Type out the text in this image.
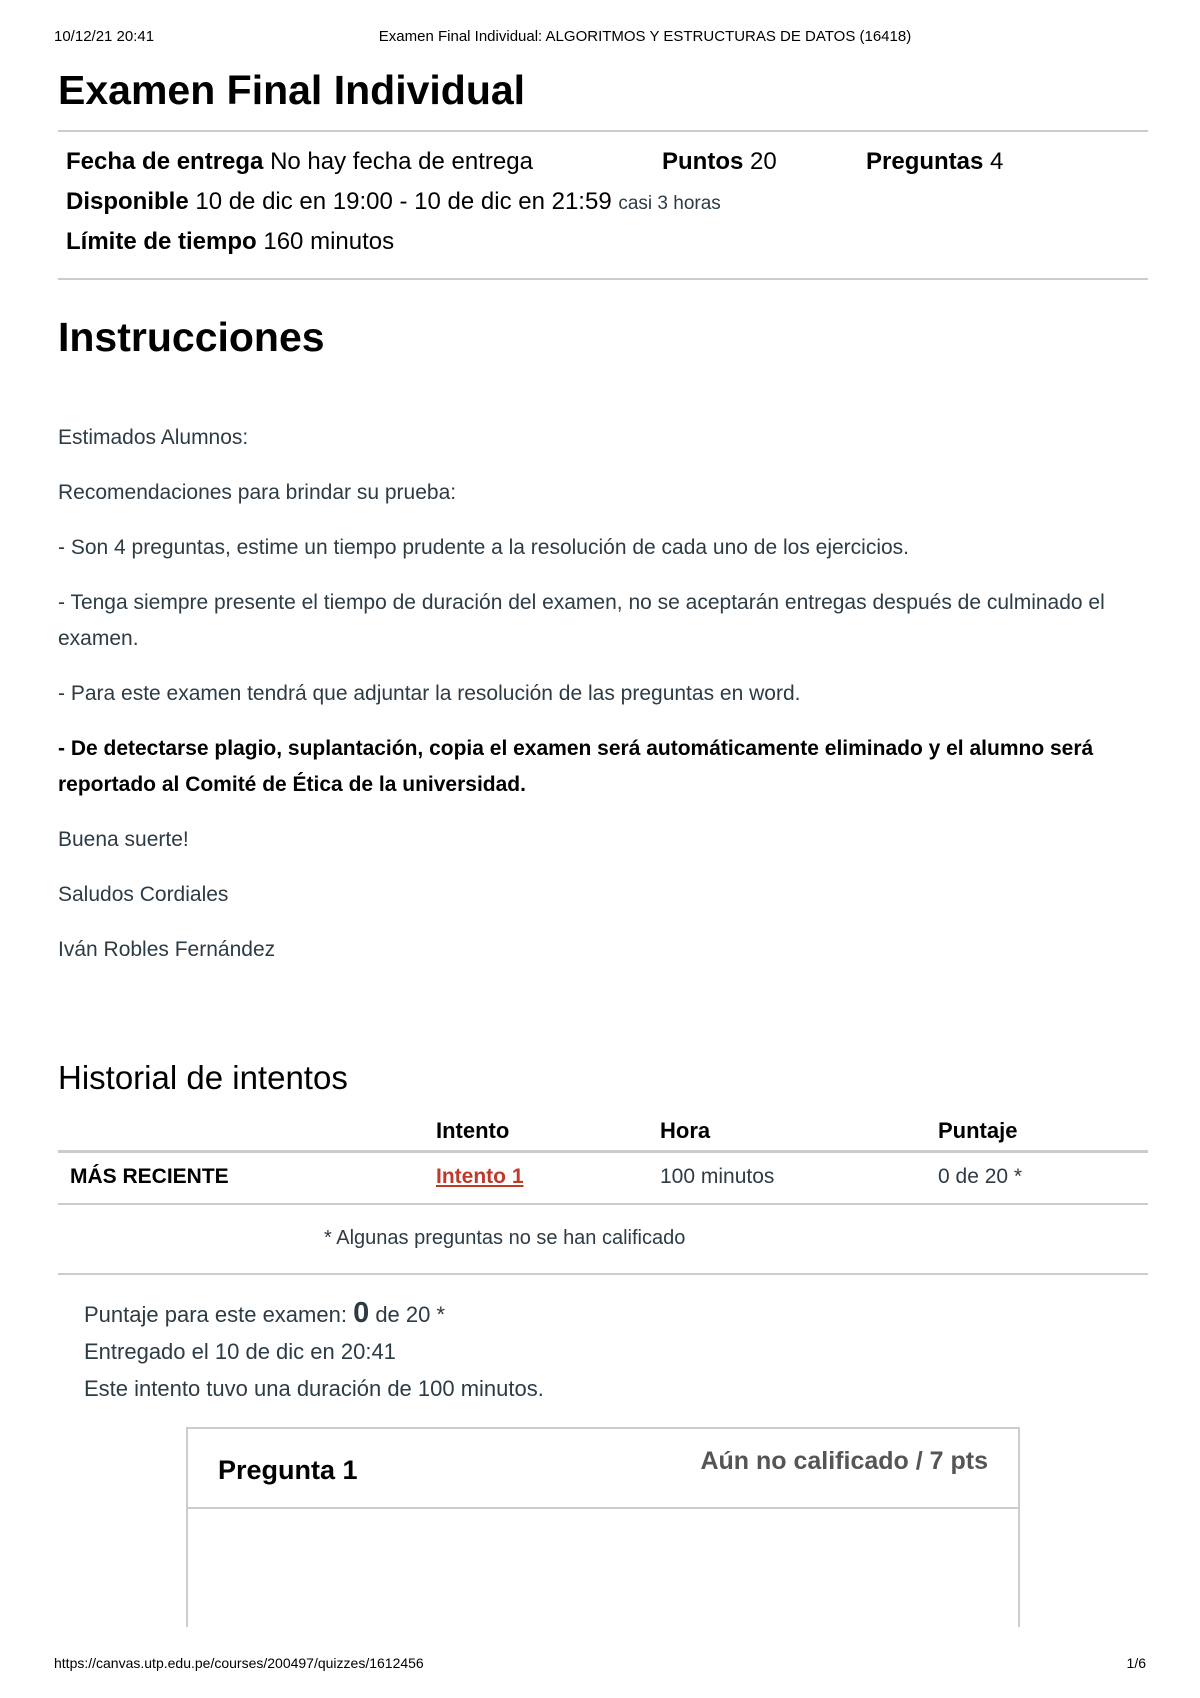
10/12/21 20:41	Examen Final Individual: ALGORITMOS Y ESTRUCTURAS DE DATOS (16418)
Examen Final Individual
Fecha de entrega No hay fecha de entrega	Puntos 20	Preguntas 4
Disponible 10 de dic en 19:00 - 10 de dic en 21:59 casi 3 horas
Límite de tiempo 160 minutos
Instrucciones

Estimados Alumnos:

Recomendaciones para brindar su prueba:

- Son 4 preguntas, estime un tiempo prudente a la resolución de cada uno de los ejercicios.

- Tenga siempre presente el tiempo de duración del examen, no se aceptarán entregas después de culminado el examen.

- Para este examen tendrá que adjuntar la resolución de las preguntas en word.

- De detectarse plagio, suplantación, copia el examen será automáticamente eliminado y el alumno será reportado al Comité de Ética de la universidad.

Buena suerte!

Saludos Cordiales

Iván Robles Fernández

Historial de intentos
	Intento	Hora	Puntaje
MÁS RECIENTE	Intento 1	100 minutos	0 de 20 *
* Algunas preguntas no se han calificado
Puntaje para este examen: 0 de 20 *
Entregado el 10 de dic en 20:41
Este intento tuvo una duración de 100 minutos.
Pregunta 1	Aún no calificado / 7 pts
https://canvas.utp.edu.pe/courses/200497/quizzes/1612456	1/6
